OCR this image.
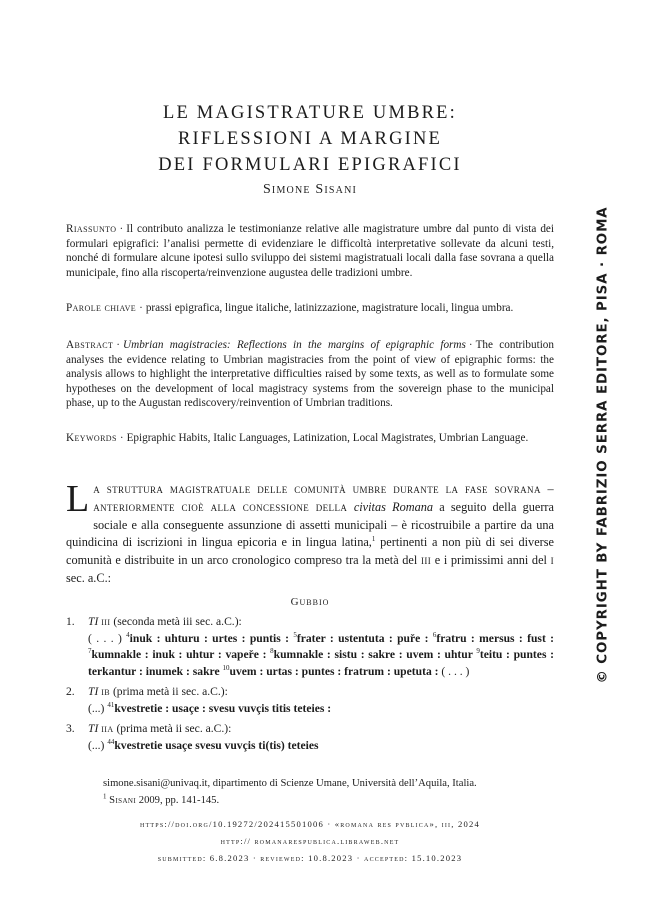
LE MAGISTRATURE UMBRE:
RIFLESSIONI A MARGINE
DEI FORMULARI EPIGRAFICI
Simone Sisani
Riassunto · Il contributo analizza le testimonianze relative alle magistrature umbre dal punto di vista dei formulari epigrafici: l’analisi permette di evidenziare le difficoltà interpretative sollevate da alcuni testi, nonché di formulare alcune ipotesi sullo sviluppo dei sistemi magistratuali locali dalla fase sovrana a quella municipale, fino alla riscoperta/reinvenzione augustea delle tradizioni umbre.
Parole chiave · prassi epigrafica, lingue italiche, latinizzazione, magistrature locali, lingua umbra.
Abstract · Umbrian magistracies: Reflections in the margins of epigraphic forms · The contribution analyses the evidence relating to Umbrian magistracies from the point of view of epigraphic forms: the analysis allows to highlight the interpretative difficulties raised by some texts, as well as to formulate some hypotheses on the development of local magistracy systems from the sovereign phase to the municipal phase, up to the Augustan rediscovery/reinvention of Umbrian traditions.
Keywords · Epigraphic Habits, Italic Languages, Latinization, Local Magistrates, Umbrian Language.
La struttura magistratuale delle comunità umbre durante la fase sovrana – anteriormente cioè alla concessione della civitas Romana a seguito della guerra sociale e alla conseguente assunzione di assetti municipali – è ricostruibile a partire da una quindicina di iscrizioni in lingua epicoria e in lingua latina,$^1$ pertinenti a non più di sei diverse comunità e distribuite in un arco cronologico compreso tra la metà del iii e i primissimi anni del i sec. a.C.:
Gubbio
1. TI iii (seconda metà iii sec. a.C.):
( . . . ) $^4$inuk : uhturu : urtes : puntis : $^5$frater : ustentuta : puře : $^6$fratru : mersus : fust : $^7$kumnakle : inuk : uhtur : vapeře : $^8$kumnakle : sistu : sakre : uvem : uhtur $^9$teitu : puntes : terkantur : inumek : sakre $^{10}$uvem : urtas : puntes : fratrum : upetuta : ( . . . )
2. TI ib (prima metà ii sec. a.C.):
(...) $^{41}$kvestretie : usaçe : svesu vuvçis titis teteies :
3. TI iia (prima metà ii sec. a.C.):
(...) $^{44}$kvestretie usaçe svesu vuvçis ti(tis) teteies
simone.sisani@univaq.it, dipartimento di Scienze Umane, Università dell’Aquila, Italia.
$^1$ Sisani 2009, pp. 141-145.
https://doi.org/10.19272/202415501006 · «romana res pvblica», iii, 2024
http:// romanarespublica.libraweb.net
submitted: 6.8.2023 · reviewed: 10.8.2023 · accepted: 15.10.2023
© COPYRIGHT BY FABRIZIO SERRA EDITORE, PISA · ROMA
